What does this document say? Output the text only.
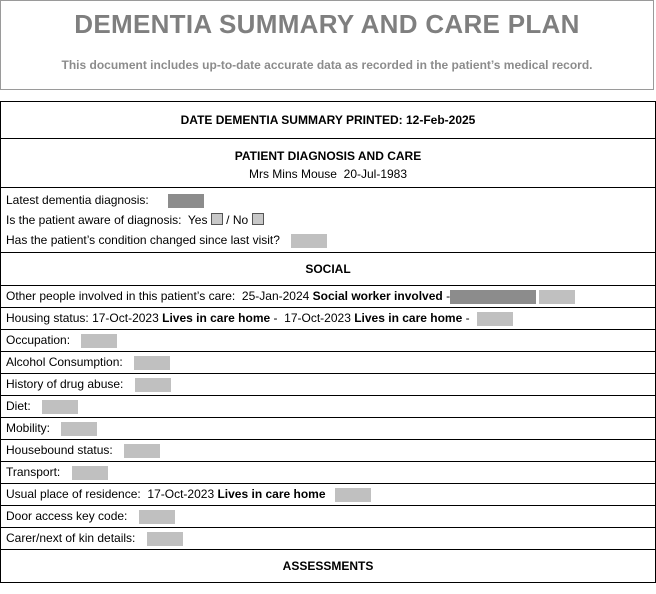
DEMENTIA SUMMARY AND CARE PLAN
This document includes up-to-date accurate data as recorded in the patient’s medical record.
DATE DEMENTIA SUMMARY PRINTED: 12-Feb-2025

PATIENT DIAGNOSIS AND CARE
Mrs Mins Mouse 20-Jul-1983

Latest dementia diagnosis:
Is the patient aware of diagnosis: Yes / No
Has the patient’s condition changed since last visit?

SOCIAL
Other people involved in this patient’s care: 25-Jan-2024 Social worker involved -
Housing status: 17-Oct-2023 Lives in care home - 17-Oct-2023 Lives in care home -
Occupation:
Alcohol Consumption:
History of drug abuse:
Diet:
Mobility:
Housebound status:
Transport:
Usual place of residence: 17-Oct-2023 Lives in care home
Door access key code:
Carer/next of kin details:
ASSESSMENTS
